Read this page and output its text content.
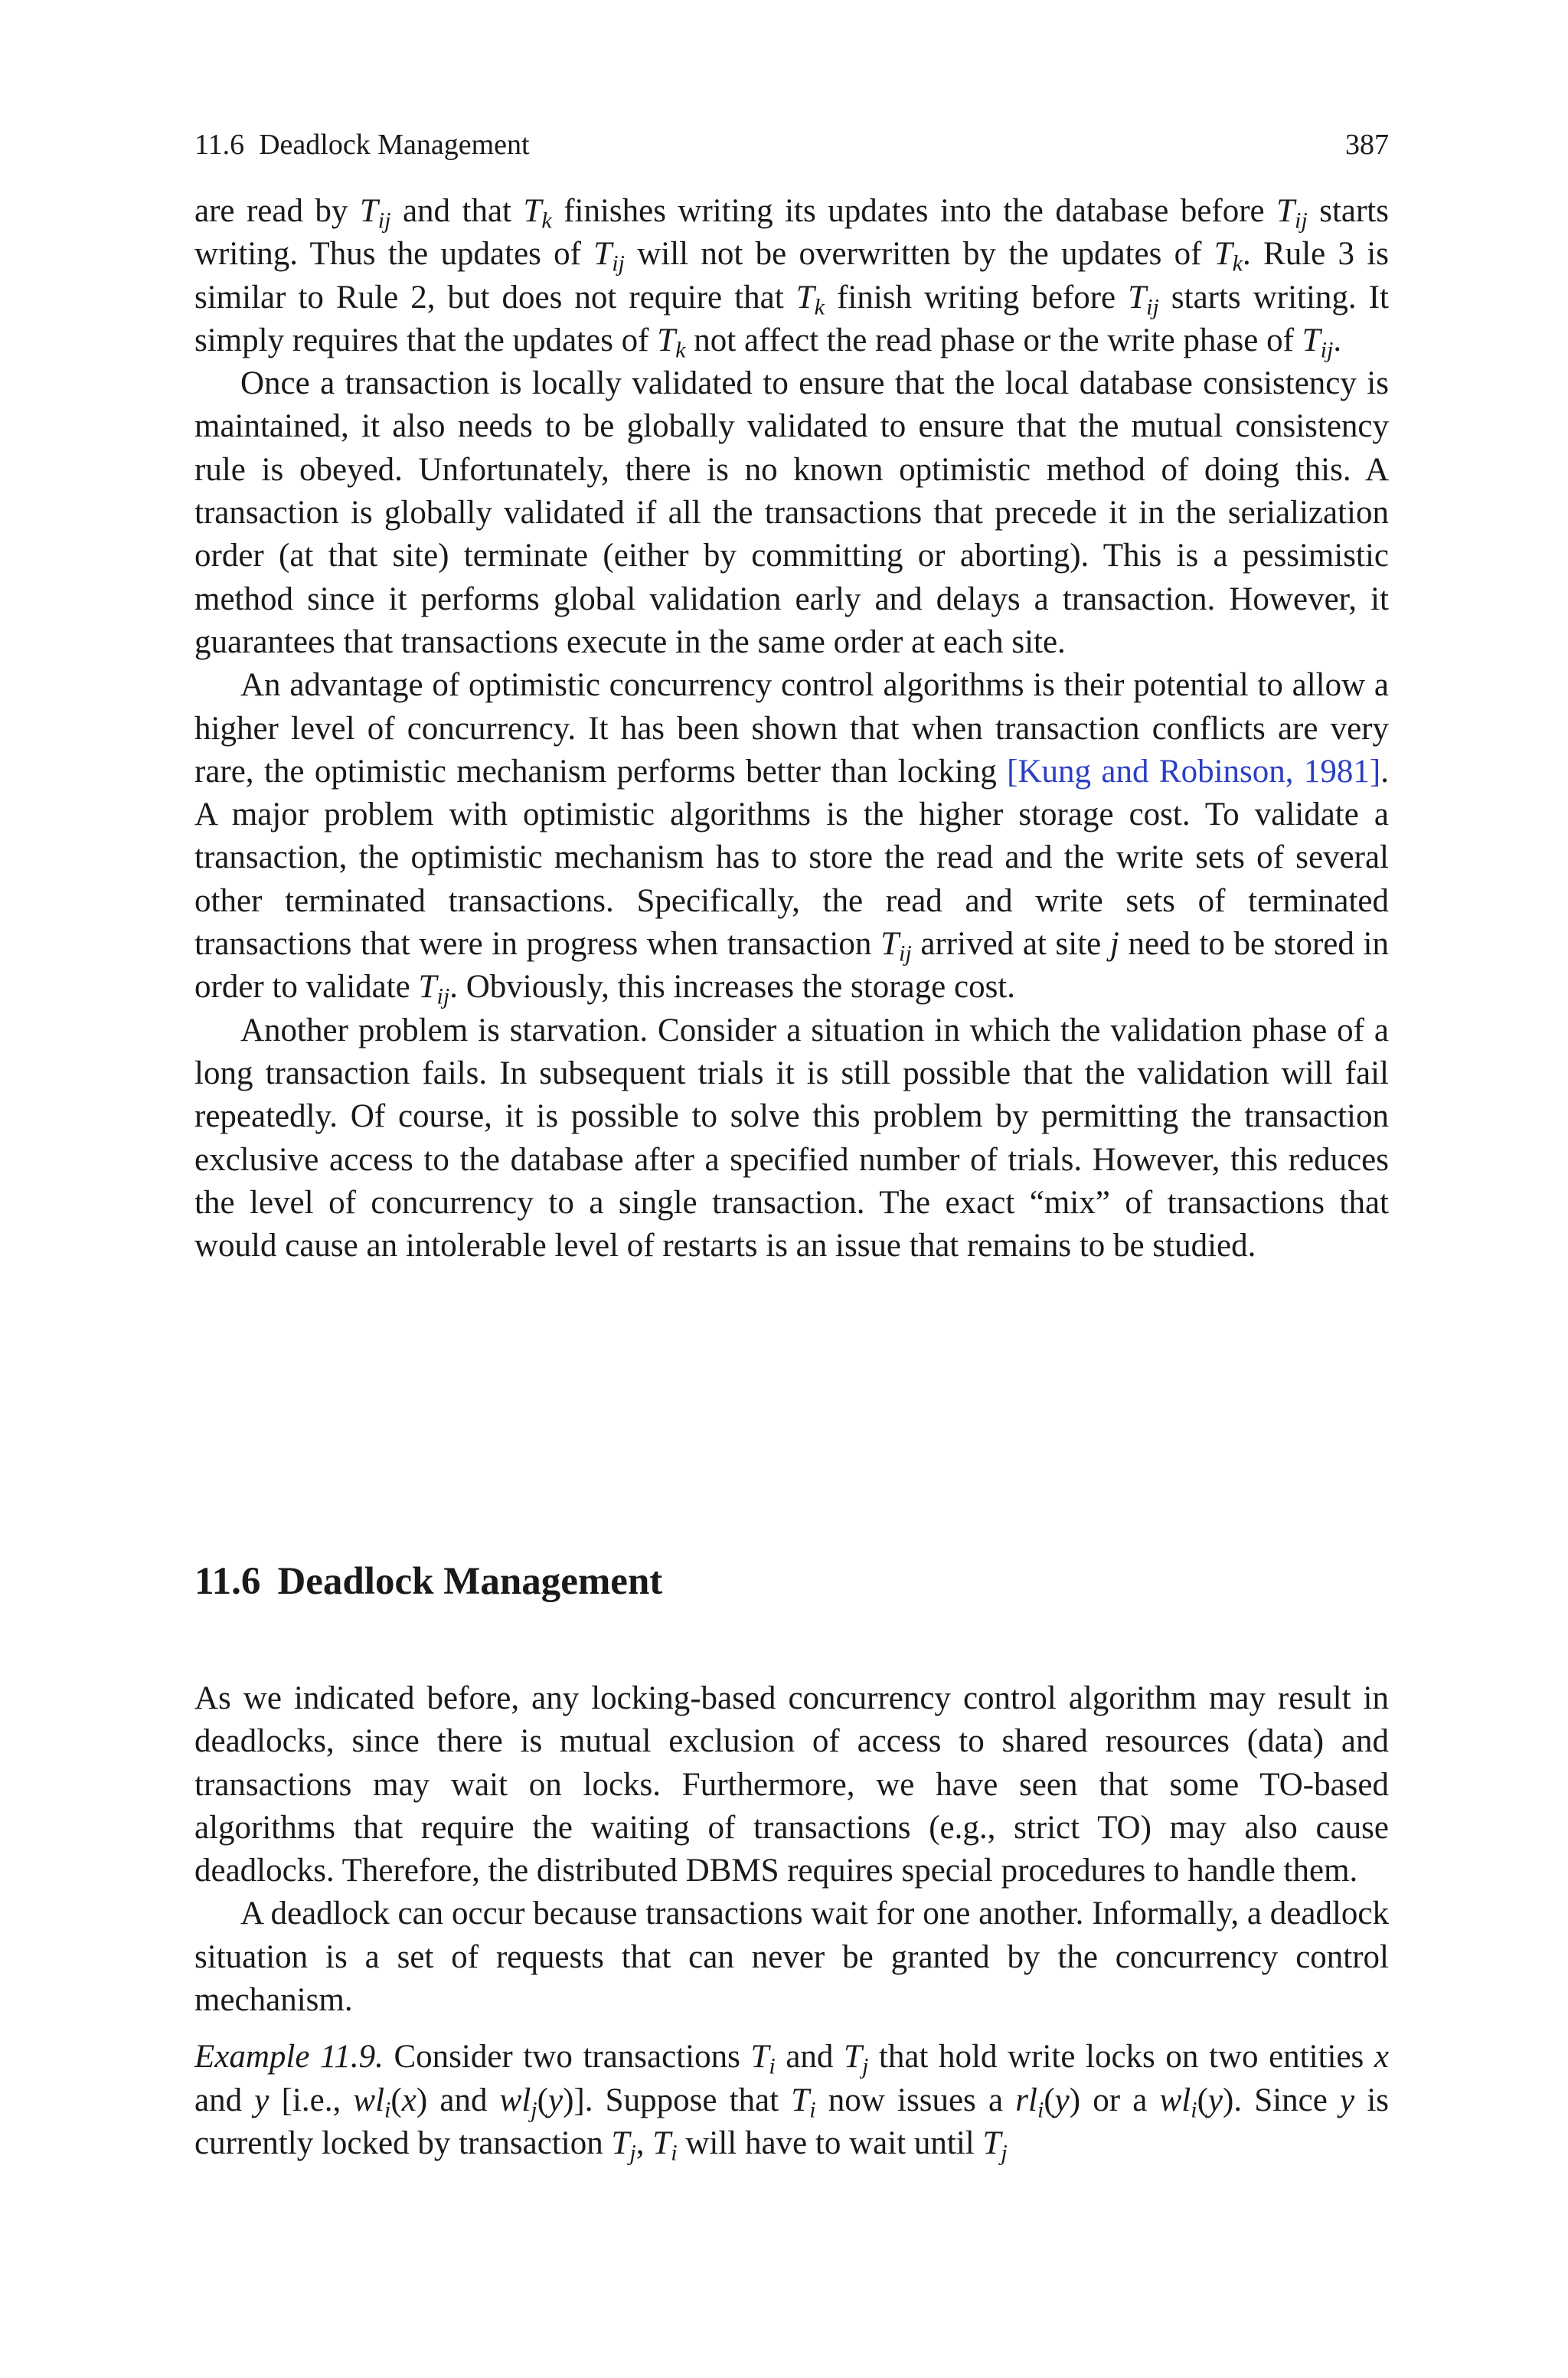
11.6 Deadlock Management	387

are read by $T_{ij}$ and that $T_k$ finishes writing its updates into the database before $T_{ij}$ starts writing. Thus the updates of $T_{ij}$ will not be overwritten by the updates of $T_k$. Rule 3 is similar to Rule 2, but does not require that $T_k$ finish writing before $T_{ij}$ starts writing. It simply requires that the updates of $T_k$ not affect the read phase or the write phase of $T_{ij}$.

Once a transaction is locally validated to ensure that the local database consistency is maintained, it also needs to be globally validated to ensure that the mutual consistency rule is obeyed. Unfortunately, there is no known optimistic method of doing this. A transaction is globally validated if all the transactions that precede it in the serialization order (at that site) terminate (either by committing or aborting). This is a pessimistic method since it performs global validation early and delays a transaction. However, it guarantees that transactions execute in the same order at each site.

An advantage of optimistic concurrency control algorithms is their potential to allow a higher level of concurrency. It has been shown that when transaction conflicts are very rare, the optimistic mechanism performs better than locking [Kung and Robinson, 1981]. A major problem with optimistic algorithms is the higher storage cost. To validate a transaction, the optimistic mechanism has to store the read and the write sets of several other terminated transactions. Specifically, the read and write sets of terminated transactions that were in progress when transaction $T_{ij}$ arrived at site j need to be stored in order to validate $T_{ij}$. Obviously, this increases the storage cost.

Another problem is starvation. Consider a situation in which the validation phase of a long transaction fails. In subsequent trials it is still possible that the validation will fail repeatedly. Of course, it is possible to solve this problem by permitting the transaction exclusive access to the database after a specified number of trials. However, this reduces the level of concurrency to a single transaction. The exact “mix” of transactions that would cause an intolerable level of restarts is an issue that remains to be studied.

11.6 Deadlock Management

As we indicated before, any locking-based concurrency control algorithm may result in deadlocks, since there is mutual exclusion of access to shared resources (data) and transactions may wait on locks. Furthermore, we have seen that some TO-based algorithms that require the waiting of transactions (e.g., strict TO) may also cause deadlocks. Therefore, the distributed DBMS requires special procedures to handle them.

A deadlock can occur because transactions wait for one another. Informally, a deadlock situation is a set of requests that can never be granted by the concurrency control mechanism.

Example 11.9. Consider two transactions $T_i$ and $T_j$ that hold write locks on two entities x and y [i.e., $wl_i(x)$ and $wl_j(y)$]. Suppose that $T_i$ now issues a $rl_i(y)$ or a $wl_i(y)$. Since y is currently locked by transaction $T_j$, $T_i$ will have to wait until $T_j$
